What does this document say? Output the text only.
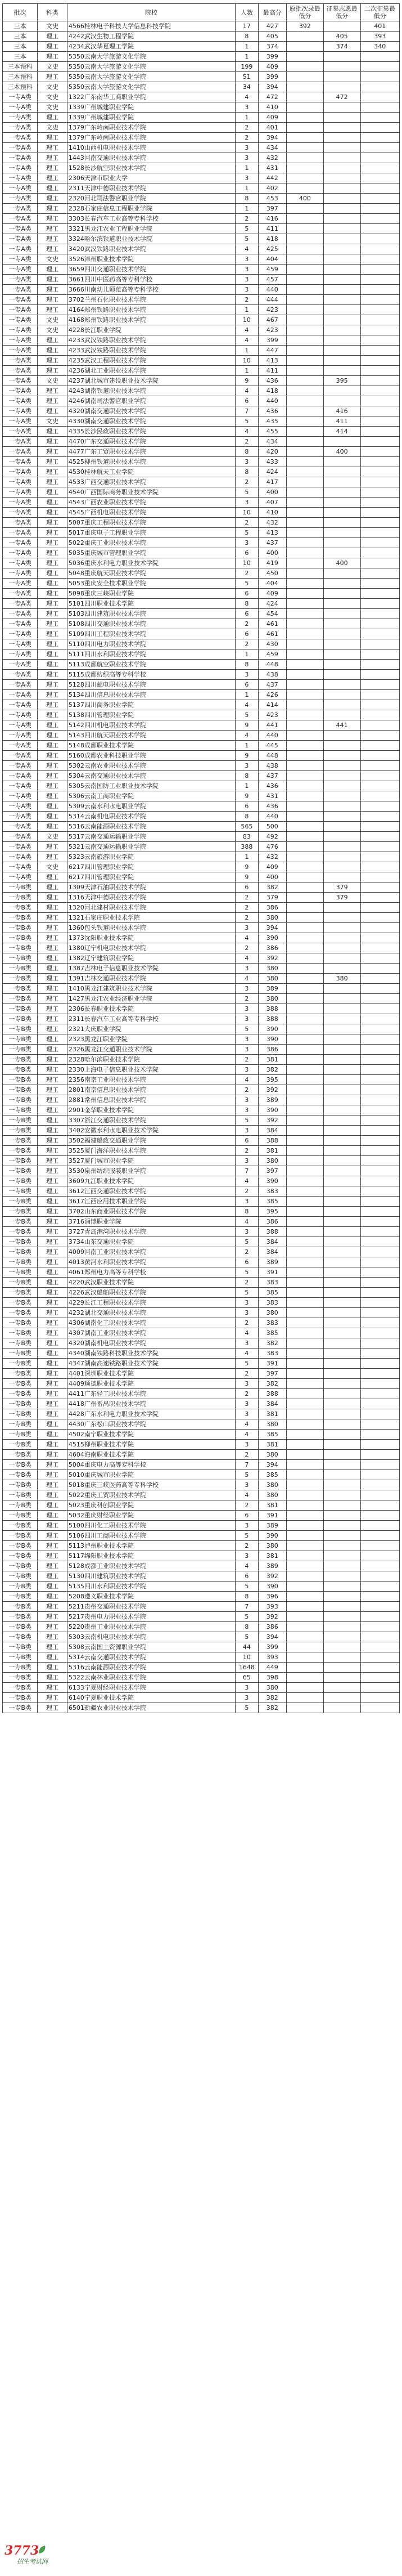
批次	科类	院校	人数	最高分	原批次录最低分	征集志愿最低分	二次征集最低分
三本	文史	4566桂林电子科技大学信息科技学院	17	427	392		401
三本	理工	4242武汉生物工程学院	8	405		405	393
三本	理工	4234武汉华夏理工学院	1	374		374	340
三本	理工	5350云南大学旅游文化学院	1	399			
三本预科	文史	5350云南大学旅游文化学院	199	409			
三本预科	理工	5350云南大学旅游文化学院	51	399			
三本预科	文史	5350云南大学旅游文化学院	34	394			
一专A类	文史	1322广东南华工商职业学院	4	472		472	
一专A类	文史	1339广州城建职业学院	3	410			
一专A类	理工	1339广州城建职业学院	1	409			
一专A类	文史	1379广东岭南职业技术学院	2	401			
一专A类	理工	1379广东岭南职业技术学院	2	394			
一专A类	理工	1410山西机电职业技术学院	3	434			
一专A类	理工	1443河南交通职业技术学院	3	432			
一专A类	理工	1528长沙航空职业技术学院	1	431			
一专A类	理工	2306天津市职业大学	3	442			
一专A类	理工	2311天津中德职业技术学院	1	402			
一专A类	理工	2320河北司法警官职业学院	8	453	400		
一专A类	理工	2328石家庄信息工程职业学院	1	397			
一专A类	理工	3303长春汽车工业高等专科学校	2	416			
一专A类	理工	3321黑龙江农业工程职业学院	5	411			
一专A类	理工	3324哈尔滨铁道职业技术学院	5	418			
一专A类	理工	3420武汉铁路职业技术学院	4	425			
一专A类	文史	3526漳州职业技术学院	3	404			
一专A类	理工	3659四川交通职业技术学院	3	459			
一专A类	理工	3661四川中医药高等专科学校	3	457			
一专A类	理工	3666川南幼儿师范高等专科学校	3	440			
一专A类	理工	3702兰州石化职业技术学院	2	444			
一专A类	理工	4164郑州铁路职业技术学院	1	423			
一专A类	文史	4168郑州铁路职业技术学院	10	467			
一专A类	文史	4228长江职业学院	4	423			
一专A类	理工	4233武汉铁路职业技术学院	4	399			
一专A类	理工	4233武汉铁路职业技术学院	1	447			
一专A类	理工	4235武汉工程职业技术学院	10	413			
一专A类	理工	4236湖北工业职业技术学院	1	411			
一专A类	文史	4237湖北城市建设职业技术学院	9	436		395	
一专A类	理工	4243湖南铁道职业技术学院	4	418			
一专A类	理工	4246湖南司法警官职业学院	6	440			
一专A类	理工	4320湖南交通职业技术学院	7	436		416	
一专A类	文史	4330湖南交通职业技术学院	5	435		411	
一专A类	理工	4335长沙民政职业技术学院	4	455		414	
一专A类	理工	4470广东交通职业技术学院	2	434			
一专A类	理工	4477广东工贸职业技术学院	8	420		400	
一专A类	理工	4525柳州铁道职业技术学院	3	433			
一专A类	理工	4530桂林航天工业学院	8	424			
一专A类	理工	4533广西交通职业技术学院	2	417			
一专A类	理工	4540广西国际商务职业技术学院	5	400			
一专A类	理工	4543广西农业职业技术学院	3	407			
一专A类	理工	4545广西机电职业技术学院	10	410			
一专A类	理工	5007重庆工程职业技术学院	2	432			
一专A类	理工	5017重庆电子工程职业学院	5	413			
一专A类	理工	5022重庆工业职业技术学院	3	437			
一专A类	理工	5035重庆城市管理职业学院	6	400			
一专A类	理工	5036重庆水利电力职业技术学院	10	419		400	
一专A类	理工	5048重庆航天职业技术学院	2	450			
一专A类	理工	5053重庆安全技术职业学院	5	404			
一专A类	理工	5098重庆三峡职业学院	6	409			
一专A类	理工	5101四川职业技术学院	8	424			
一专A类	理工	5103四川建筑职业技术学院	6	454			
一专A类	理工	5108四川交通职业技术学院	2	461			
一专A类	理工	5109四川工程职业技术学院	6	461			
一专A类	理工	5110四川电力职业技术学院	2	430			
一专A类	理工	5111四川水利职业技术学院	1	459			
一专A类	理工	5113成都航空职业技术学院	8	448			
一专A类	理工	5115成都纺织高等专科学校	3	438			
一专A类	理工	5128四川邮电职业技术学院	6	437			
一专A类	理工	5134四川信息职业技术学院	1	426			
一专A类	理工	5137四川商务职业学院	4	414			
一专A类	理工	5138四川管理职业学院	5	423			
一专A类	理工	5142四川机电职业技术学院	9	441		441	
一专A类	理工	5143四川航天职业技术学院	4	440			
一专A类	理工	5148成都职业技术学院	1	445			
一专A类	理工	5160成都农业科技职业学院	9	448			
一专A类	理工	5302云南农业职业技术学院	3	438			
一专A类	理工	5304云南交通职业技术学院	8	437			
一专A类	理工	5305云南国防工业职业技术学院	1	436			
一专A类	理工	5306云南工商职业学院	9	431			
一专A类	理工	5309云南水利水电职业学院	6	436			
一专A类	理工	5314云南机电职业技术学院	8	440			
一专A类	理工	5316云南能源职业技术学院	565	500			
一专A类	文史	5317云南交通运输职业学院	83	492			
一专A类	理工	5321云南交通运输职业学院	388	476			
一专A类	理工	5323云南旅游职业学院	1	432			
一专A类	文史	6217四川管理职业学院	9	409			
一专A类	理工	6217四川管理职业学院	9	400			
一专B类	理工	1309天津石油职业技术学院	6	382		379	
一专B类	理工	1316天津中德职业技术学院	2	379		379	
一专B类	理工	1320河北建材职业技术学院	2	386			
一专B类	理工	1321石家庄职业技术学院	2	380			
一专B类	理工	1360包头铁道职业技术学院	3	394			
一专B类	理工	1373沈阳职业技术学院	4	390			
一专B类	理工	1380辽宁机电职业技术学院	2	386			
一专B类	理工	1382辽宁建筑职业学院	4	392			
一专B类	理工	1387吉林电子信息职业技术学院	3	380			
一专B类	理工	1391吉林交通职业技术学院	4	380		380	
一专B类	理工	1410黑龙江建筑职业技术学院	3	389			
一专B类	理工	1427黑龙江农业经济职业学院	2	380			
一专B类	理工	2306长春职业技术学院	3	388			
一专B类	理工	2311长春汽车工业高等专科学校	3	388			
一专B类	理工	2321大庆职业学院	5	390			
一专B类	理工	2323黑龙江职业学院	3	390			
一专B类	理工	2326黑龙江交通职业技术学院	3	386			
一专B类	理工	2328哈尔滨职业技术学院	2	381			
一专B类	理工	2330上海电子信息职业技术学院	3	382			
一专B类	理工	2356南京工业职业技术学院	4	395			
一专B类	理工	2801南京信息职业技术学院	2	392			
一专B类	理工	2881常州信息职业技术学院	3	389			
一专B类	理工	2901金华职业技术学院	3	390			
一专B类	理工	3307浙江交通职业技术学院	5	392			
一专B类	理工	3402安徽水利水电职业技术学院	3	384			
一专B类	理工	3502福建船政交通职业学院	6	388			
一专B类	理工	3525厦门海洋职业技术学院	2	381			
一专B类	理工	3527厦门城市职业学院	3	380			
一专B类	理工	3530泉州纺织服装职业学院	7	397			
一专B类	理工	3609九江职业技术学院	4	390			
一专B类	理工	3612江西交通职业技术学院	2	383			
一专B类	理工	3617江西应用技术职业学院	3	385			
一专B类	理工	3702山东商业职业技术学院	8	395			
一专B类	理工	3716淄博职业学院	4	386			
一专B类	理工	3727青岛港湾职业技术学院	3	388			
一专B类	理工	3734山东交通职业学院	5	384			
一专B类	理工	4009河南工业职业技术学院	2	384			
一专B类	理工	4013黄河水利职业技术学院	6	389			
一专B类	理工	4061郑州电力高等专科学校	5	391			
一专B类	理工	4220武汉职业技术学院	2	383			
一专B类	理工	4226武汉船舶职业技术学院	5	385			
一专B类	理工	4229长江工程职业技术学院	3	383			
一专B类	理工	4232湖北交通职业技术学院	3	380			
一专B类	理工	4306湖南化工职业技术学院	2	383			
一专B类	理工	4307湖南工业职业技术学院	4	385			
一专B类	理工	4320湖南机电职业技术学院	3	382			
一专B类	理工	4340湖南铁路科技职业技术学院	4	383			
一专B类	理工	4347湖南高速铁路职业技术学院	5	391			
一专B类	理工	4401深圳职业技术学院	2	397			
一专B类	理工	4409顺德职业技术学院	3	382			
一专B类	理工	4411广东轻工职业技术学院	2	388			
一专B类	理工	4418广州番禺职业技术学院	3	384			
一专B类	理工	4428广东水利电力职业技术学院	3	381			
一专B类	理工	4430广东松山职业技术学院	4	380			
一专B类	理工	4502南宁职业技术学院	4	385			
一专B类	理工	4515柳州职业技术学院	3	381			
一专B类	理工	4604海南职业技术学院	2	380			
一专B类	理工	5004重庆电力高等专科学校	7	394			
一专B类	理工	5010重庆城市职业学院	5	385			
一专B类	理工	5018重庆三峡医药高等专科学校	3	380			
一专B类	理工	5022重庆工贸职业技术学院	4	380			
一专B类	理工	5023重庆科创职业学院	2	381			
一专B类	理工	5032重庆财经职业学院	6	391			
一专B类	理工	5100四川化工职业技术学院	3	389			
一专B类	理工	5106四川工商职业技术学院	5	390			
一专B类	理工	5113泸州职业技术学院	2	380			
一专B类	理工	5117绵阳职业技术学院	3	381			
一专B类	理工	5128成都工业职业技术学院	4	389			
一专B类	理工	5130四川建筑职业技术学院	6	392			
一专B类	理工	5135四川水利职业技术学院	5	390			
一专B类	理工	5208遵义职业技术学院	8	396			
一专B类	理工	5211贵州交通职业技术学院	7	393			
一专B类	理工	5217贵州电力职业技术学院	5	392			
一专B类	理工	5220贵州工业职业技术学院	8	386			
一专B类	理工	5303云南机电职业技术学院	5	394			
一专B类	理工	5308云南国土资源职业学院	44	399			
一专B类	理工	5314云南交通职业技术学院	10	393			
一专B类	理工	5316云南能源职业技术学院	1648	449			
一专B类	理工	5322云南林业职业技术学院	65	398			
一专B类	理工	6133宁夏财经职业技术学院	3	380			
一专B类	理工	6140宁夏职业技术学院	3	382			
一专B类	理工	6501新疆农业职业技术学院	5	382			
3773
招生考试网
